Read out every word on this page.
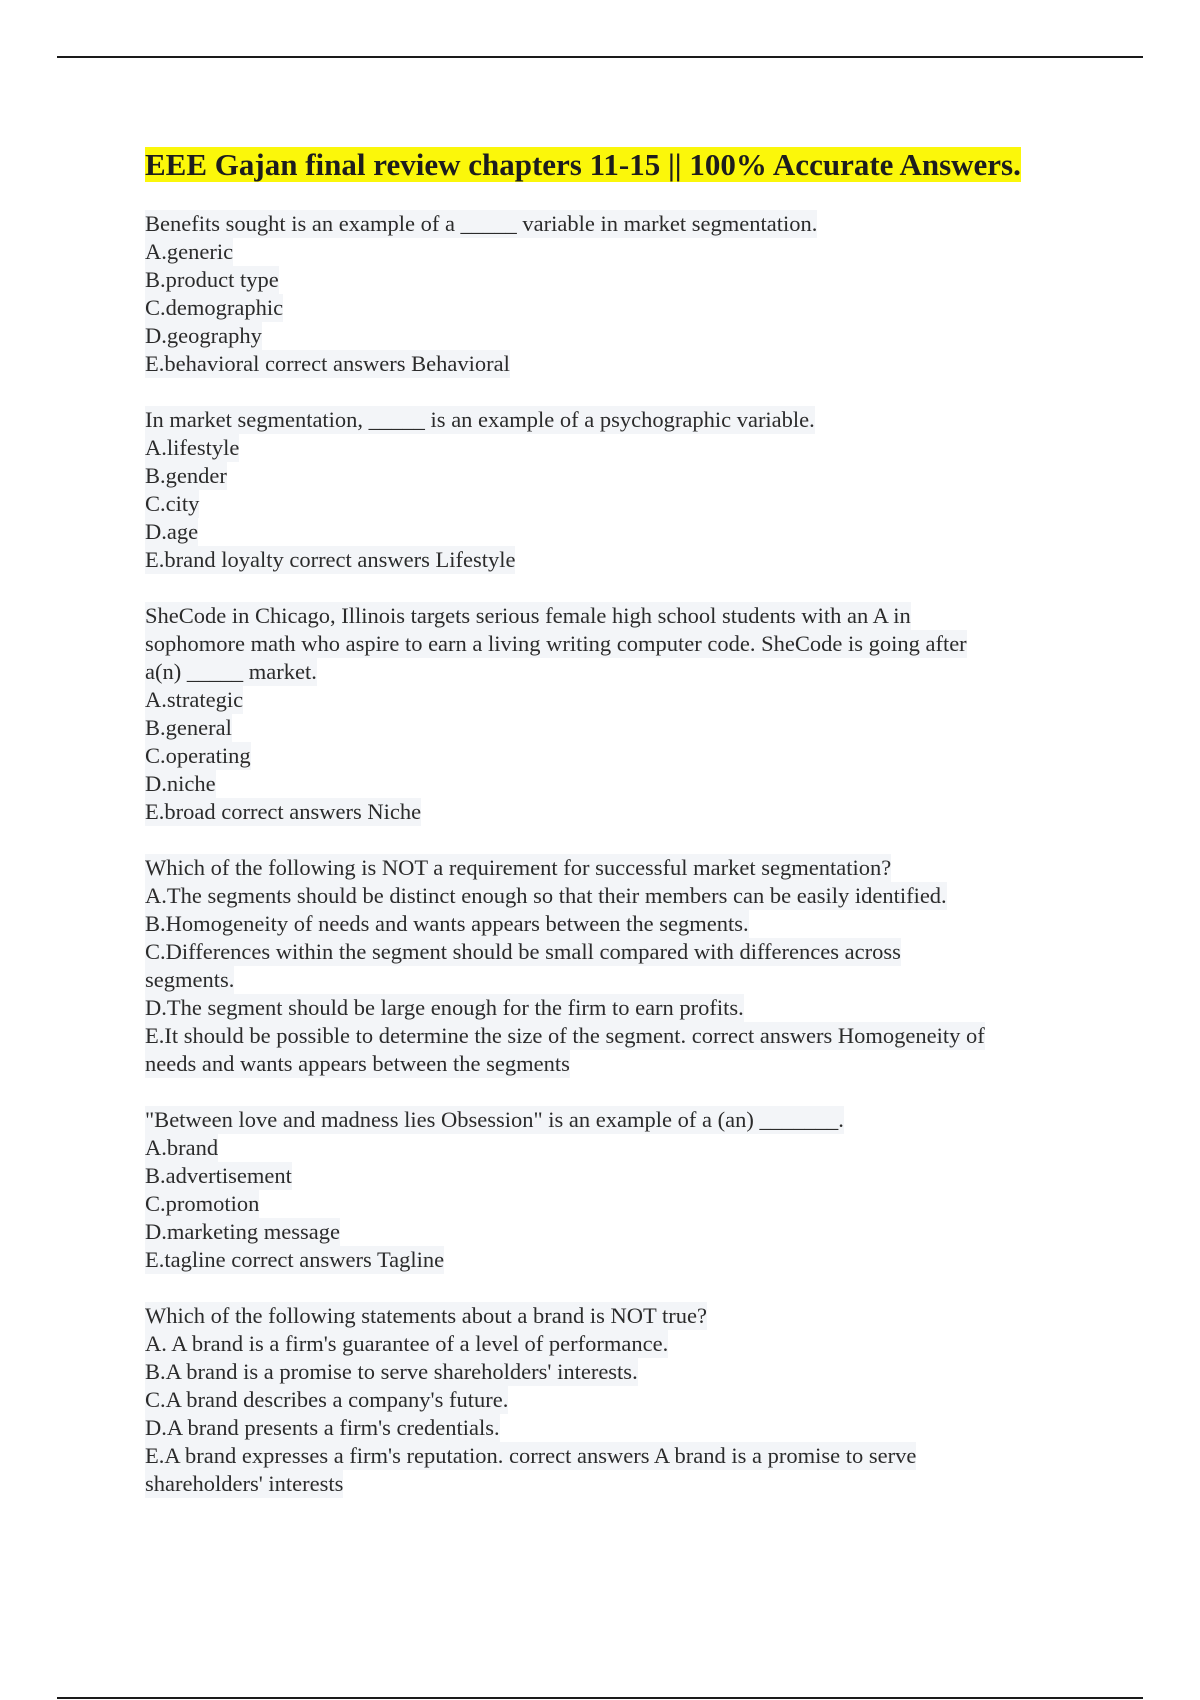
EEE Gajan final review chapters 11-15 || 100% Accurate Answers.
Benefits sought is an example of a _____ variable in market segmentation.
A.generic
B.product type
C.demographic
D.geography
E.behavioral correct answers Behavioral
In market segmentation, _____ is an example of a psychographic variable.
A.lifestyle
B.gender
C.city
D.age
E.brand loyalty correct answers Lifestyle
SheCode in Chicago, Illinois targets serious female high school students with an A in
sophomore math who aspire to earn a living writing computer code. SheCode is going after
a(n) _____ market.
A.strategic
B.general
C.operating
D.niche
E.broad correct answers Niche
Which of the following is NOT a requirement for successful market segmentation?
A.The segments should be distinct enough so that their members can be easily identified.
B.Homogeneity of needs and wants appears between the segments.
C.Differences within the segment should be small compared with differences across
segments.
D.The segment should be large enough for the firm to earn profits.
E.It should be possible to determine the size of the segment. correct answers Homogeneity of
needs and wants appears between the segments
"Between love and madness lies Obsession" is an example of a (an) _______.
A.brand
B.advertisement
C.promotion
D.marketing message
E.tagline correct answers Tagline
Which of the following statements about a brand is NOT true?
A. A brand is a firm's guarantee of a level of performance.
B.A brand is a promise to serve shareholders' interests.
C.A brand describes a company's future.
D.A brand presents a firm's credentials.
E.A brand expresses a firm's reputation. correct answers A brand is a promise to serve
shareholders' interests
